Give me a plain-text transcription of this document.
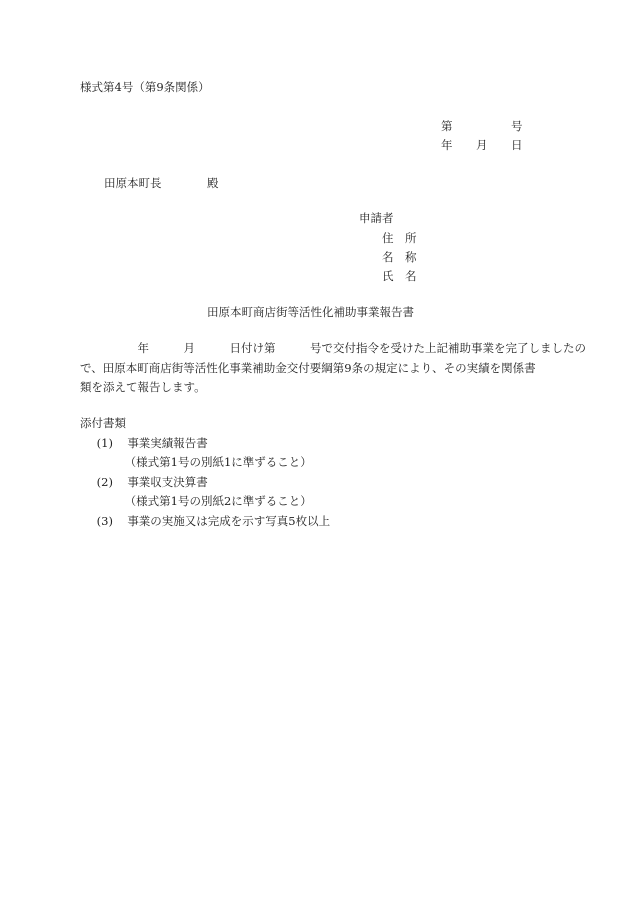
様式第4号（第9条関係）
第	号
年 月 日
田原本町長	殿
申請者
住　所
名　称
氏　名
田原本町商店街等活性化補助事業報告書
　　　　　年　　　月　　　日付け第　　　号で交付指令を受けた上記補助事業を完了しましたの
で、田原本町商店街等活性化事業補助金交付要綱第9条の規定により、その実績を関係書
類を添えて報告します。
添付書類
(1) 事業実績報告書
（様式第1号の別紙1に準ずること）
(2) 事業収支決算書
（様式第1号の別紙2に準ずること）
(3) 事業の実施又は完成を示す写真5枚以上
